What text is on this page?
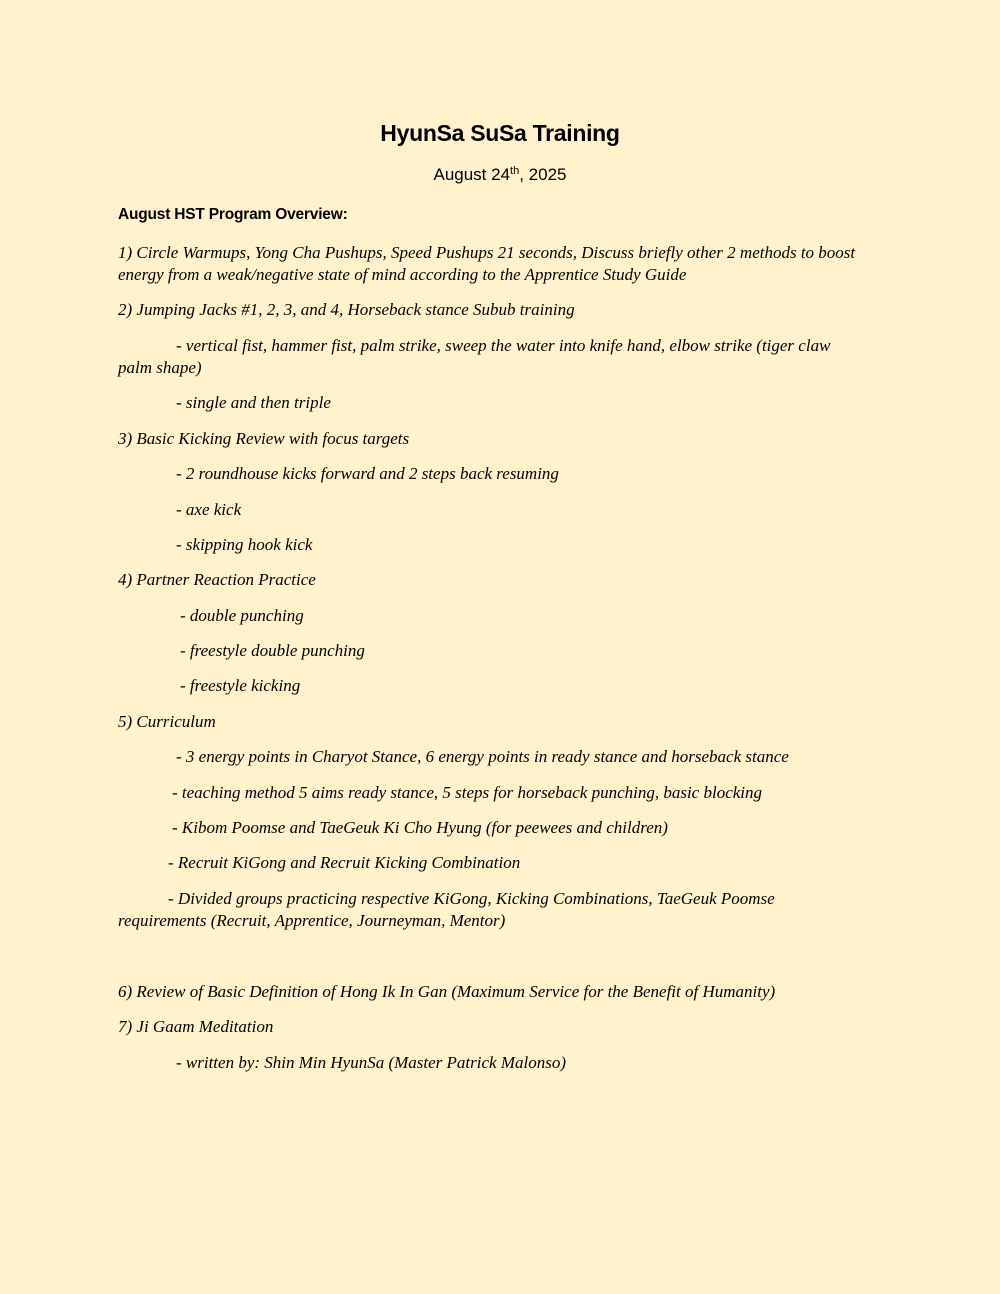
HyunSa SuSa Training

August 24th, 2025

August HST Program Overview:

1) Circle Warmups, Yong Cha Pushups, Speed Pushups 21 seconds, Discuss briefly other 2 methods to boost energy from a weak/negative state of mind according to the Apprentice Study Guide

2) Jumping Jacks #1, 2, 3, and 4, Horseback stance Subub training

- vertical fist, hammer fist, palm strike, sweep the water into knife hand, elbow strike (tiger claw

palm shape)

- single and then triple

3) Basic Kicking Review with focus targets

- 2 roundhouse kicks forward and 2 steps back resuming

- axe kick

- skipping hook kick

4) Partner Reaction Practice

- double punching

- freestyle double punching

- freestyle kicking

5) Curriculum

- 3 energy points in Charyot Stance, 6 energy points in ready stance and horseback stance

- teaching method 5 aims ready stance, 5 steps for horseback punching, basic blocking

- Kibom Poomse and TaeGeuk Ki Cho Hyung (for peewees and children)

- Recruit KiGong and Recruit Kicking Combination

- Divided groups practicing respective KiGong, Kicking Combinations, TaeGeuk Poomse

requirements (Recruit, Apprentice, Journeyman, Mentor)

6) Review of Basic Definition of Hong Ik In Gan (Maximum Service for the Benefit of Humanity)

7) Ji Gaam Meditation

- written by: Shin Min HyunSa (Master Patrick Malonso)
